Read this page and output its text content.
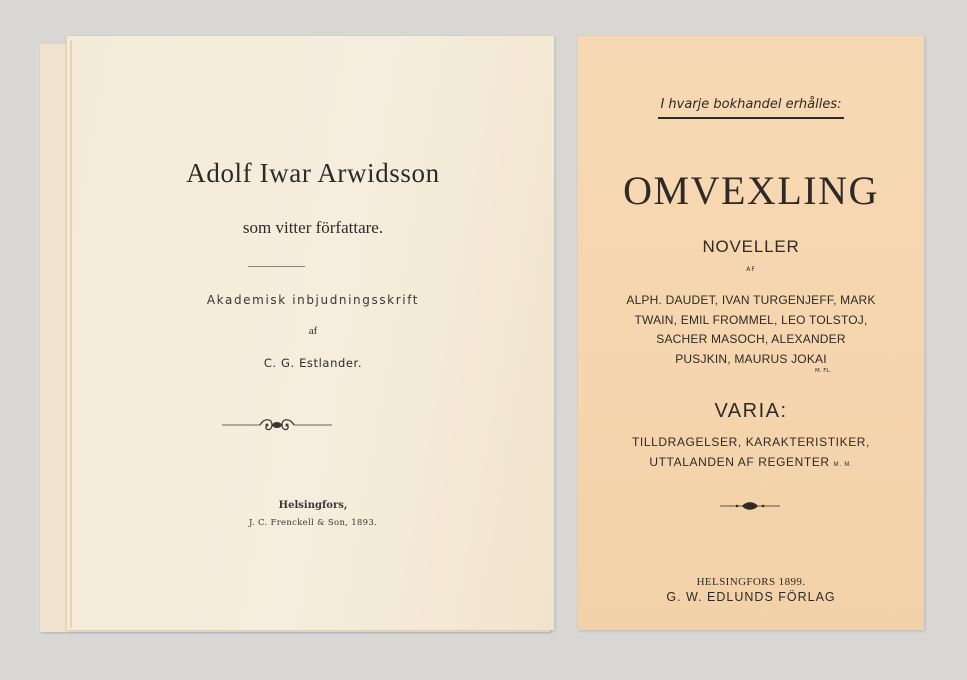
Adolf Iwar Arwidsson
som vitter författare.
Akademisk inbjudningsskrift
af
C. G. Estlander.
Helsingfors,
J. C. Frenckell & Son, 1893.
I hvarje bokhandel erhålles:
OMVEXLING
NOVELLER
AF
ALPH. DAUDET, IVAN TURGENJEFF, MARK
TWAIN, EMIL FROMMEL, LEO TOLSTOJ,
SACHER MASOCH, ALEXANDER
PUSJKIN, MAURUS JOKAI
M. FL.
VARIA:
TILLDRAGELSER, KARAKTERISTIKER,
UTTALANDEN AF REGENTER M. M.
HELSINGFORS 1899.
G. W. EDLUNDS FÖRLAG
